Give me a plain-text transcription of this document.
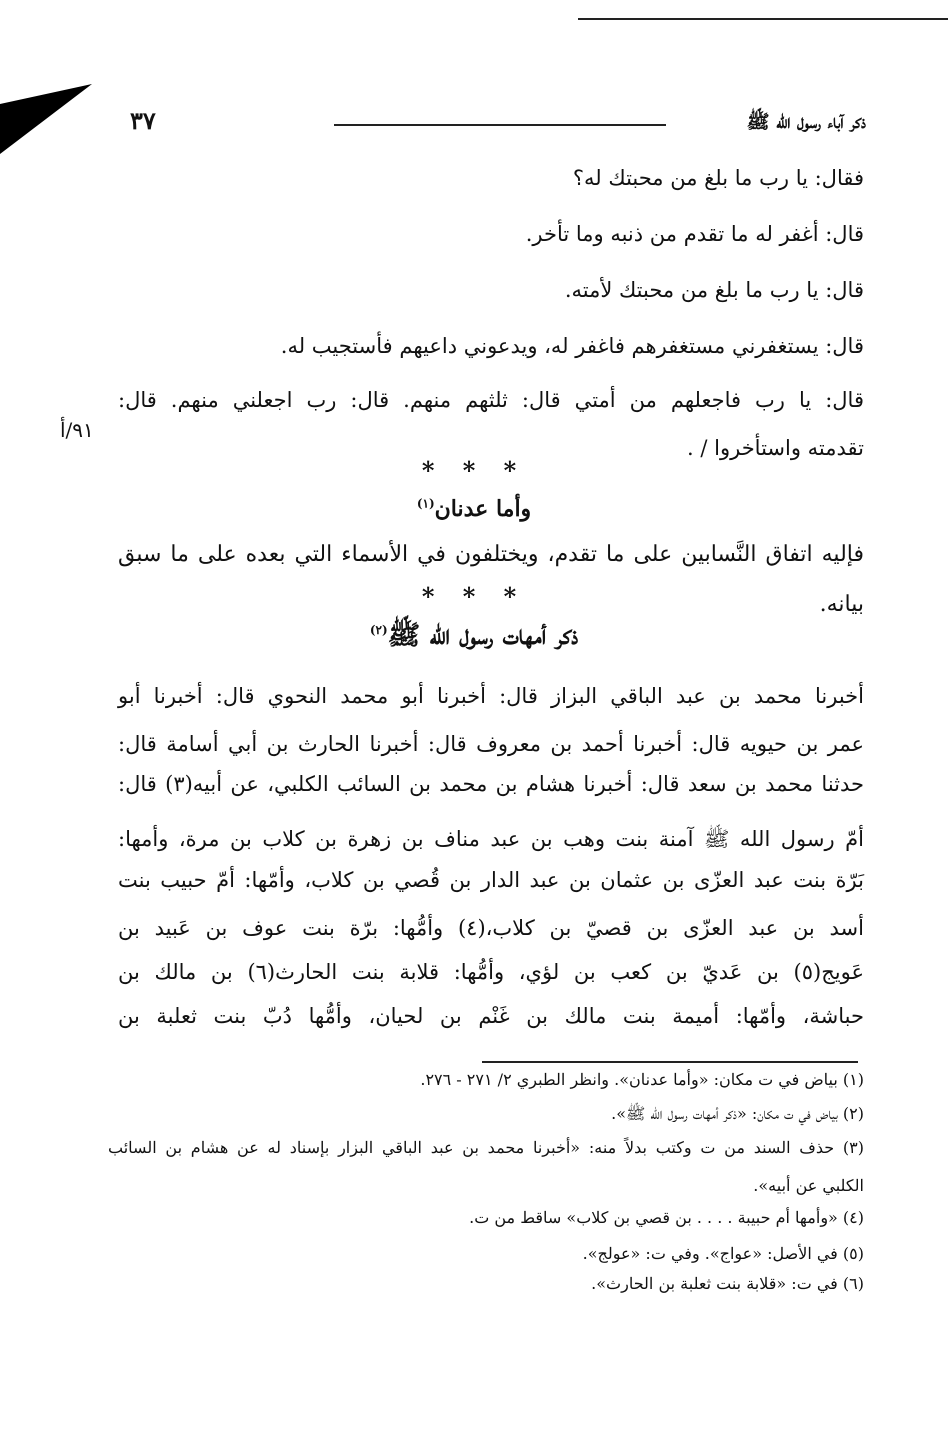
ذكر آباء رسول الله ﷺ
٣٧
فقال: يا رب ما بلغ من محبتك له؟
قال: أغفر له ما تقدم من ذنبه وما تأخر.
قال: يا رب ما بلغ من محبتك لأمته.
قال: يستغفرني مستغفرهم فاغفر له، ويدعوني داعيهم فأستجيب له.
قال: يا رب فاجعلهم من أمتي قال: ثلثهم منهم. قال: رب اجعلني منهم. قال:
تقدمته واستأخروا / .
٩١/أ
* * *
وأما عدنان$^{(١)}$
فإليه اتفاق النَّسابين على ما تقدم، ويختلفون في الأسماء التي بعده على ما سبق
بيانه.
* * *
ذكر أمهات رسول الله ﷺ$^{(٢)}$
أخبرنا محمد بن عبد الباقي البزاز قال: أخبرنا أبو محمد النحوي قال: أخبرنا أبو
عمر بن حيويه قال: أخبرنا أحمد بن معروف قال: أخبرنا الحارث بن أبي أسامة قال:
حدثنا محمد بن سعد قال: أخبرنا هشام بن محمد بن السائب الكلبي، عن أبيه(٣) قال:
أمّ رسول الله ﷺ آمنة بنت وهب بن عبد مناف بن زهرة بن كلاب بن مرة، وأمها:
بَرّة بنت عبد العزّى بن عثمان بن عبد الدار بن قُصي بن كلاب، وأمّها: أمّ حبيب بنت
أسد بن عبد العزّى بن قصيّ بن كلاب،(٤) وأمُّها: برّة بنت عوف بن عَبيد بن
عَويج(٥) بن عَديّ بن كعب بن لؤي، وأمُّها: قلابة بنت الحارث(٦) بن مالك بن
حباشة، وأمّها: أميمة بنت مالك بن غَنْم بن لحيان، وأمُّها دُبّ بنت ثعلبة بن
(١) بياض في ت مكان: «وأما عدنان». وانظر الطبري ٢/ ٢٧١ - ٢٧٦.
(٢) بياض في ت مكان: «ذكر أمهات رسول الله ﷺ».
(٣) حذف السند من ت وكتب بدلاً منه: «أخبرنا محمد بن عبد الباقي البزار بإسناد له عن هشام بن السائب
الكلبي عن أبيه».
(٤) «وأمها أم حبيبة . . . . بن قصي بن كلاب» ساقط من ت.
(٥) في الأصل: «عواج». وفي ت: «عولج».
(٦) في ت: «قلابة بنت ثعلبة بن الحارث».
